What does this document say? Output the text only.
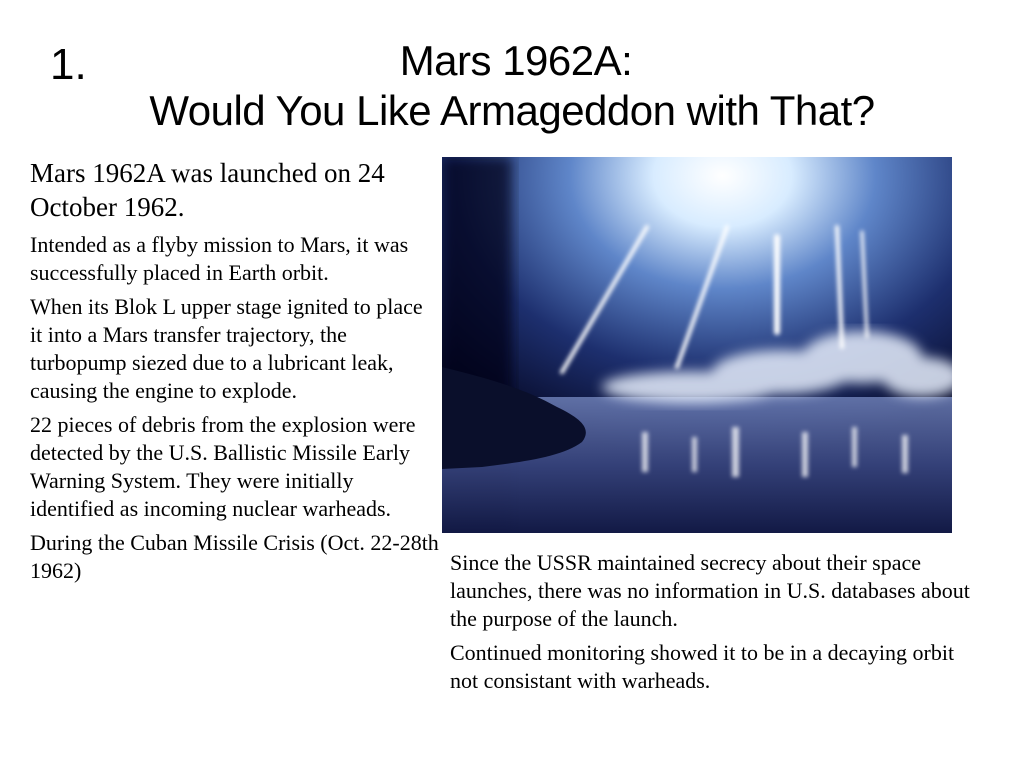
1.	Mars 1962A:
Would You Like Armageddon with That?

Mars 1962A was launched on 24 October 1962.

Intended as a flyby mission to Mars, it was successfully placed in Earth orbit.

When its Blok L upper stage ignited to place it into a Mars transfer trajectory, the turbopump siezed due to a lubricant leak, causing the engine to explode.

22 pieces of debris from the explosion were detected by the U.S. Ballistic Missile Early Warning System. They were initially identified as incoming nuclear warheads.

During the Cuban Missile Crisis (Oct. 22-28th 1962)	Since the USSR maintained secrecy about their space launches, there was no information in U.S. databases about the purpose of the launch.

Continued monitoring showed it to be in a decaying orbit not consistant with warheads.
